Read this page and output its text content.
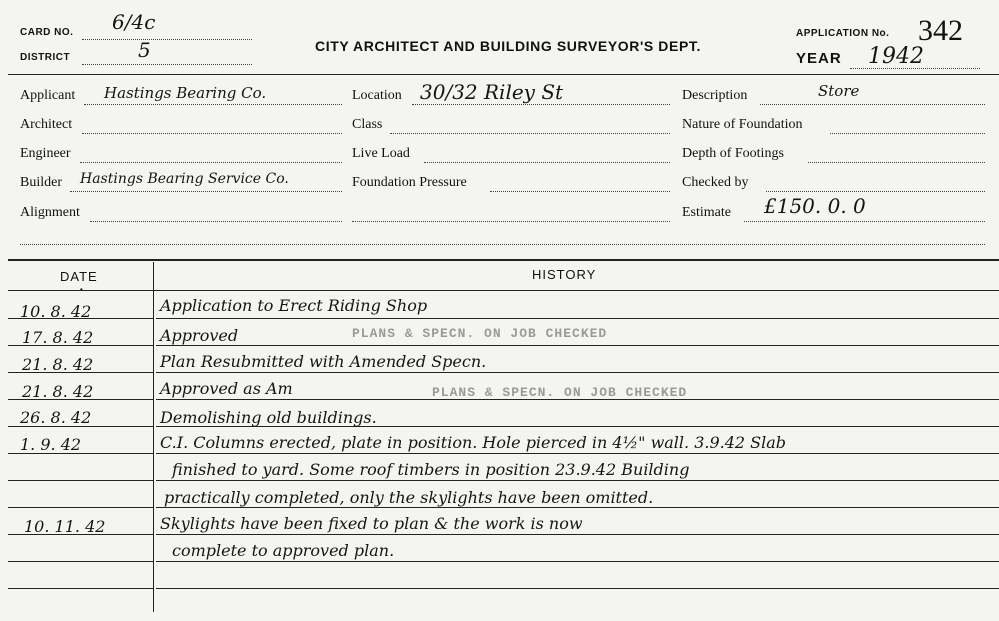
CARD NO. 6/4c
DISTRICT	5	CITY ARCHITECT AND BUILDING SURVEYOR'S DEPT.
APPLICATION No. 342
YEAR 1942
Applicant Hastings Bearing Co.
Architect
Engineer
Builder Hastings Bearing Service Co.
Alignment
Location 30/32 Riley St
Class
Live Load
Foundation Pressure
Description	Store
Nature of Foundation
Depth of Footings
Checked by
Estimate £150. 0. 0
DATE	HISTORY
•
10. 8. 42	Application to Erect Riding Shop
17. 8. 42	Approved	PLANS & SPECN. ON JOB CHECKED
21. 8. 42	Plan Resubmitted with Amended Specn.
21. 8. 42	Approved as Am	PLANS & SPECN. ON JOB CHECKED
26. 8. 42	Demolishing old buildings.
1. 9. 42	C.I. Columns erected, plate in position. Hole pierced in 4½" wall. 3.9.42 Slab
finished to yard. Some roof timbers in position 23.9.42 Building
practically completed, only the skylights have been omitted.
10. 11. 42	Skylights have been fixed to plan & the work is now
complete to approved plan.
